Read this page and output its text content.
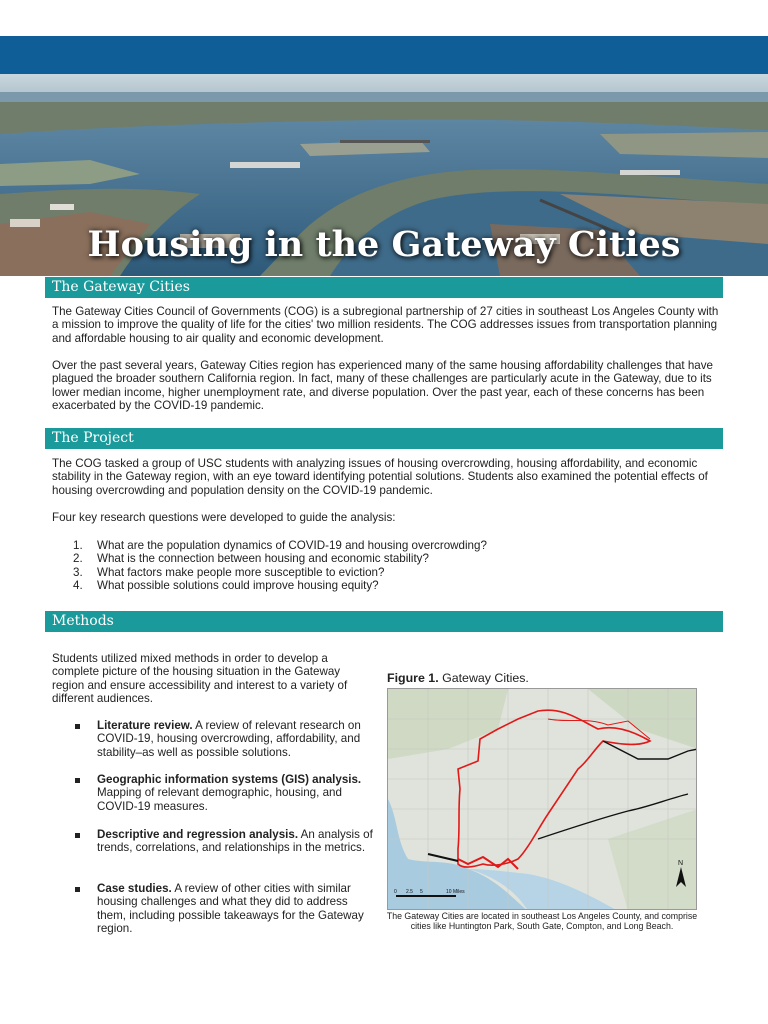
Housing in the Gateway Cities
The Gateway Cities
The Gateway Cities Council of Governments (COG) is a subregional partnership of 27 cities in southeast Los Angeles County with a mission to improve the quality of life for the cities' two million residents. The COG addresses issues from transportation planning and affordable housing to air quality and economic development.
Over the past several years, Gateway Cities region has experienced many of the same housing affordability challenges that have plagued the broader southern California region. In fact, many of these challenges are particularly acute in the Gateway, due to its lower median income, higher unemployment rate, and diverse population. Over the past year, each of these concerns has been exacerbated by the COVID-19 pandemic.
The Project
The COG tasked a group of USC students with analyzing issues of housing overcrowding, housing affordability, and economic stability in the Gateway region, with an eye toward identifying potential solutions. Students also examined the potential effects of housing overcrowding and population density on the COVID-19 pandemic.
Four key research questions were developed to guide the analysis:
1.	What are the population dynamics of COVID-19 and housing overcrowding?
2.	What is the connection between housing and economic stability?
3.	What factors make people more susceptible to eviction?
4.	What possible solutions could improve housing equity?
Methods
Students utilized mixed methods in order to develop a complete picture of the housing situation in the Gateway region and ensure accessibility and interest to a variety of different audiences.
Literature review. A review of relevant research on COVID-19, housing overcrowding, affordability, and stability–as well as possible solutions.
Geographic information systems (GIS) analysis. Mapping of relevant demographic, housing, and COVID-19 measures.
Descriptive and regression analysis. An analysis of trends, correlations, and relationships in the metrics.
Case studies. A review of other cities with similar housing challenges and what they did to address them, including possible takeaways for the Gateway region.
Figure 1. Gateway Cities.
N
0 2.5 5	10 Miles
The Gateway Cities are located in southeast Los Angeles County, and comprise cities like Huntington Park, South Gate, Compton, and Long Beach.
